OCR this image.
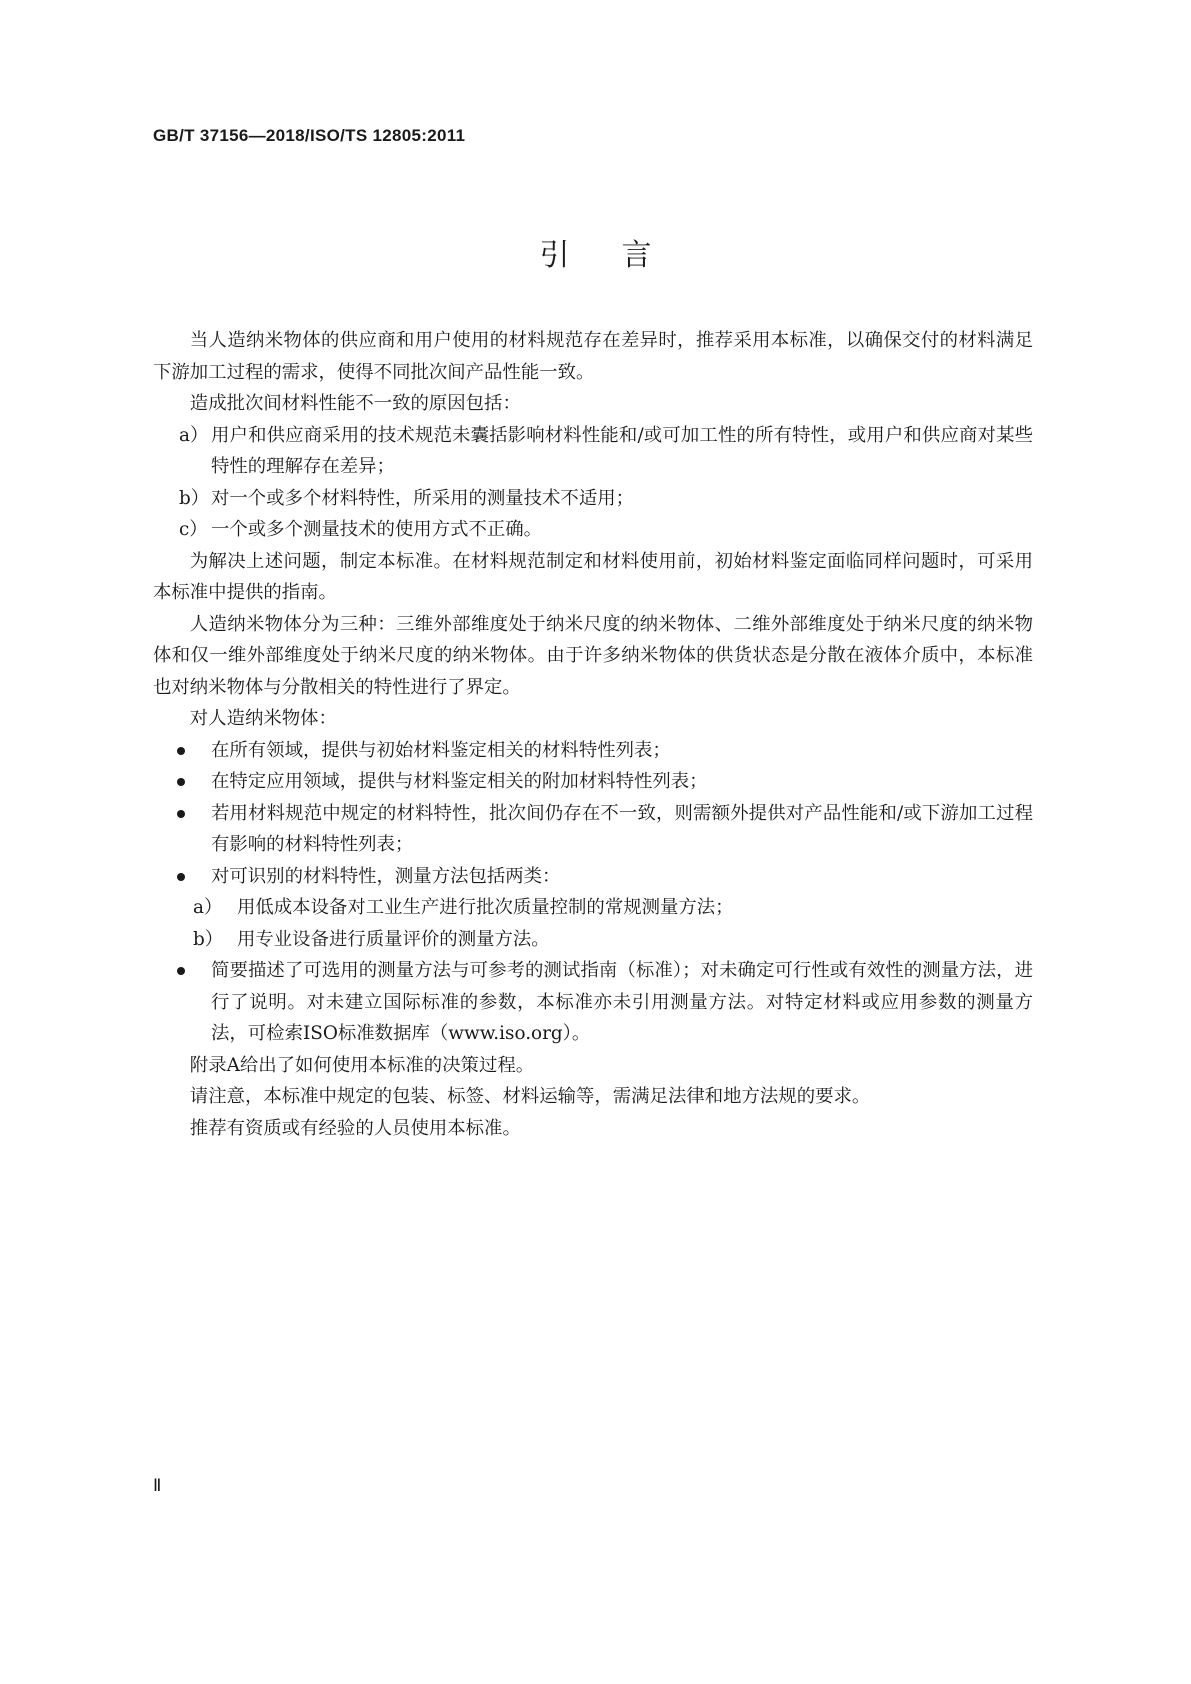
GB/T 37156—2018/ISO/TS 12805:2011
引言

当人造纳米物体的供应商和用户使用的材料规范存在差异时，推荐采用本标准，以确保交付的材料满足下游加工过程的需求，使得不同批次间产品性能一致。

造成批次间材料性能不一致的原因包括：

a） 用户和供应商采用的技术规范未囊括影响材料性能和/或可加工性的所有特性，或用户和供应商对某些特性的理解存在差异；
b） 对一个或多个材料特性，所采用的测量技术不适用；
c） 一个或多个测量技术的使用方式不正确。

为解决上述问题，制定本标准。在材料规范制定和材料使用前，初始材料鉴定面临同样问题时，可采用本标准中提供的指南。

人造纳米物体分为三种：三维外部维度处于纳米尺度的纳米物体、二维外部维度处于纳米尺度的纳米物体和仅一维外部维度处于纳米尺度的纳米物体。由于许多纳米物体的供货状态是分散在液体介质中，本标准也对纳米物体与分散相关的特性进行了界定。

对人造纳米物体：

在所有领域，提供与初始材料鉴定相关的材料特性列表；
在特定应用领域，提供与材料鉴定相关的附加材料特性列表；
若用材料规范中规定的材料特性，批次间仍存在不一致，则需额外提供对产品性能和/或下游加工过程有影响的材料特性列表；
对可识别的材料特性，测量方法包括两类：
a） 用低成本设备对工业生产进行批次质量控制的常规测量方法；
b） 用专业设备进行质量评价的测量方法。
简要描述了可选用的测量方法与可参考的测试指南（标准）；对未确定可行性或有效性的测量方法，进行了说明。对未建立国际标准的参数，本标准亦未引用测量方法。对特定材料或应用参数的测量方法，可检索ISO标准数据库（www.iso.org）。

附录A给出了如何使用本标准的决策过程。

请注意，本标准中规定的包装、标签、材料运输等，需满足法律和地方法规的要求。

推荐有资质或有经验的人员使用本标准。

Ⅱ
